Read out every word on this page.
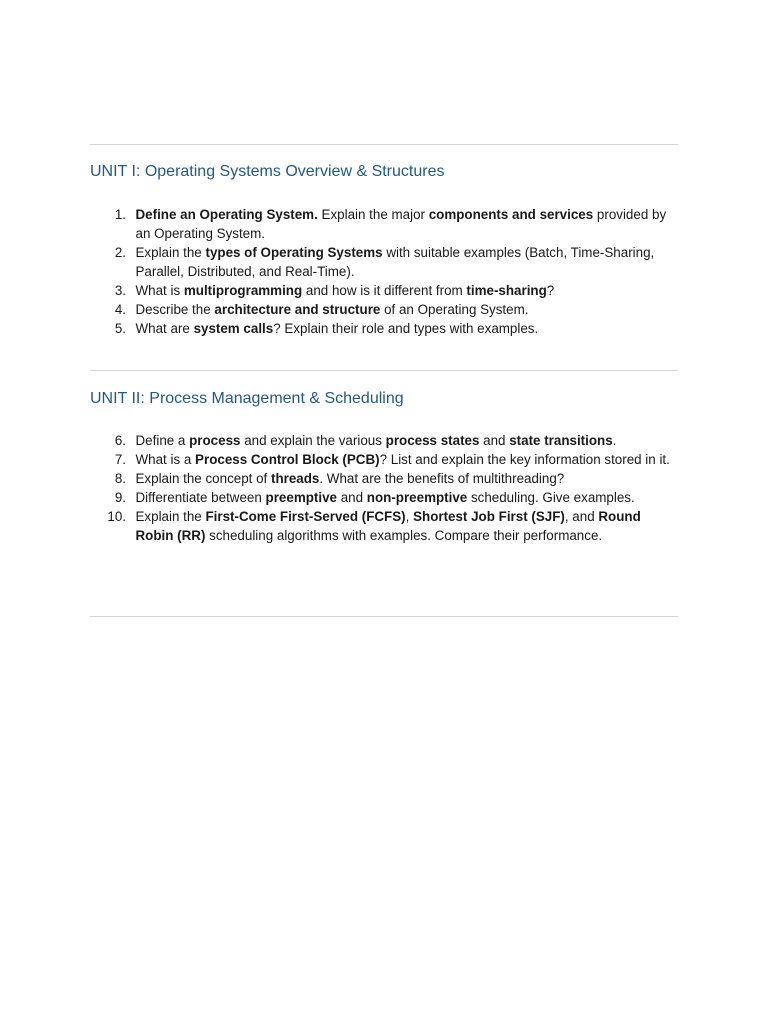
UNIT I: Operating Systems Overview & Structures
1. Define an Operating System. Explain the major components and services provided by an Operating System.
2. Explain the types of Operating Systems with suitable examples (Batch, Time-Sharing, Parallel, Distributed, and Real-Time).
3. What is multiprogramming and how is it different from time-sharing?
4. Describe the architecture and structure of an Operating System.
5. What are system calls? Explain their role and types with examples.
UNIT II: Process Management & Scheduling
6. Define a process and explain the various process states and state transitions.
7. What is a Process Control Block (PCB)? List and explain the key information stored in it.
8. Explain the concept of threads. What are the benefits of multithreading?
9. Differentiate between preemptive and non-preemptive scheduling. Give examples.
10. Explain the First-Come First-Served (FCFS), Shortest Job First (SJF), and Round Robin (RR) scheduling algorithms with examples. Compare their performance.
